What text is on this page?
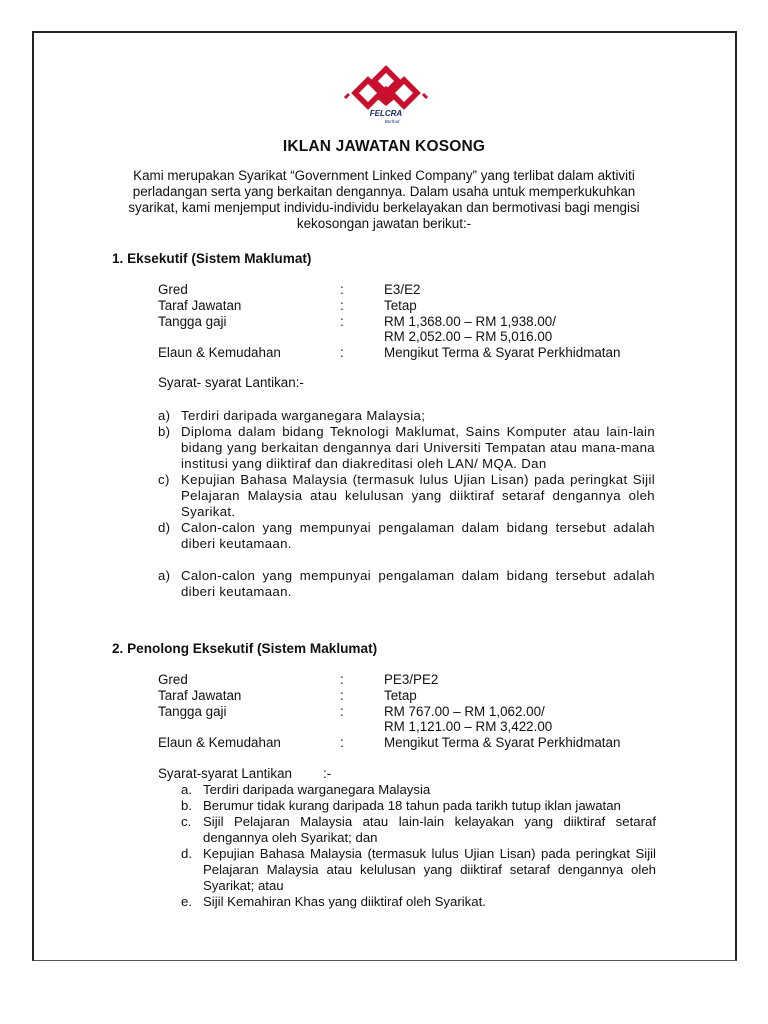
FELCRA
Berhad
IKLAN JAWATAN KOSONG
Kami merupakan Syarikat “Government Linked Company” yang terlibat dalam aktiviti perladangan serta yang berkaitan dengannya. Dalam usaha untuk memperkukuhkan syarikat, kami menjemput individu-individu berkelayakan dan bermotivasi bagi mengisi kekosongan jawatan berikut:-
1. Eksekutif (Sistem Maklumat)
Gred	:	E3/E2
Taraf Jawatan	:	Tetap
Tangga gaji	:	RM 1,368.00 – RM 1,938.00/
RM 2,052.00 – RM 5,016.00
Elaun & Kemudahan	:	Mengikut Terma & Syarat Perkhidmatan
Syarat- syarat Lantikan:-
a) Terdiri daripada warganegara Malaysia;
b) Diploma dalam bidang Teknologi Maklumat, Sains Komputer atau lain-lain bidang yang berkaitan dengannya dari Universiti Tempatan atau mana-mana institusi yang diiktiraf dan diakreditasi oleh LAN/ MQA. Dan
c) Kepujian Bahasa Malaysia (termasuk lulus Ujian Lisan) pada peringkat Sijil Pelajaran Malaysia atau kelulusan yang diiktiraf setaraf dengannya oleh Syarikat.
d) Calon-calon yang mempunyai pengalaman dalam bidang tersebut adalah diberi keutamaan.
a) Calon-calon yang mempunyai pengalaman dalam bidang tersebut adalah diberi keutamaan.
2. Penolong Eksekutif (Sistem Maklumat)
Gred	:	PE3/PE2
Taraf Jawatan	:	Tetap
Tangga gaji	:	RM 767.00 – RM 1,062.00/
RM 1,121.00 – RM 3,422.00
Elaun & Kemudahan	:	Mengikut Terma & Syarat Perkhidmatan
Syarat-syarat Lantikan :-
a. Terdiri daripada warganegara Malaysia
b. Berumur tidak kurang daripada 18 tahun pada tarikh tutup iklan jawatan
c. Sijil Pelajaran Malaysia atau lain-lain kelayakan yang diiktiraf setaraf dengannya oleh Syarikat; dan
d. Kepujian Bahasa Malaysia (termasuk lulus Ujian Lisan) pada peringkat Sijil Pelajaran Malaysia atau kelulusan yang diiktiraf setaraf dengannya oleh Syarikat; atau
e. Sijil Kemahiran Khas yang diiktiraf oleh Syarikat.
